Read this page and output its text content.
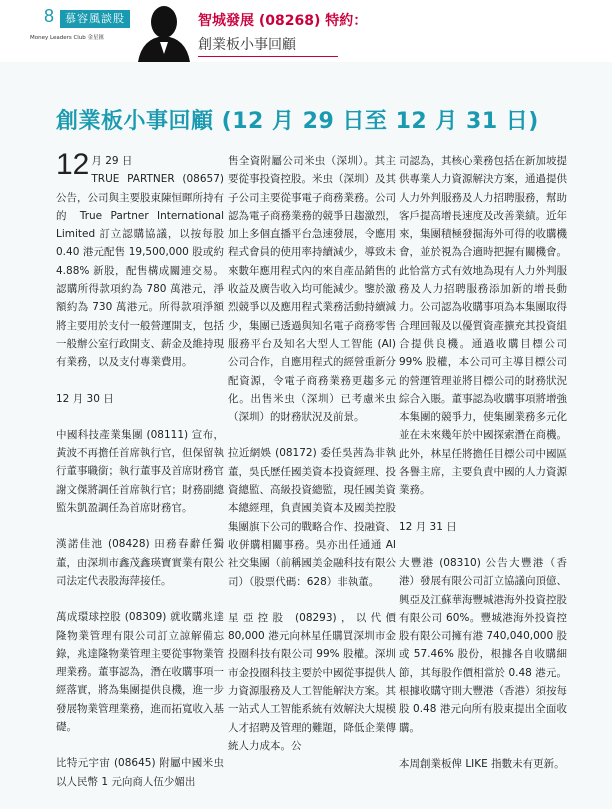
8 慕容風談股
Money Leaders Club 金星匯
智城發展 (08268) 特約：
創業板小事回顧
創業板小事回顧 (12 月 29 日至 12 月 31 日)

12 月 29 日
TRUE PARTNER (08657) 公告，公司與主要股東陳恒暉所持有的 True Partner International Limited 訂立認購協議，以按每股 0.40 港元配售 19,500,000 股或約 4.88% 新股，配售構成關連交易。認購所得款項約為 780 萬港元，淨額約為 730 萬港元。所得款項淨額將主要用於支付一般營運開支，包括一般辦公室行政開支、薪金及維持現有業務，以及支付專業費用。

12 月 30 日

中國科技產業集團 (08111) 宣布，黃波不再擔任首席執行官，但保留執行董事職銜；執行董事及首席財務官謝文傑將調任首席執行官；財務副總監朱凱盈調任為首席財務官。

漢諾佳池 (08428) 田務春辭任獨董，由深圳市鑫茂鑫瑛寶實業有限公司法定代表股海萍接任。

萬成環球控股 (08309) 就收購兆達隆物業管理有限公司訂立諒解備忘錄，兆達隆物業管理主要從事物業管理業務。董事認為，潛在收購事項一經落實，將為集團提供良機，進一步發展物業管理業務，進而拓寬收入基礎。

比特元宇宙 (08645) 附屬中國米虫以人民幣 1 元向商人伍少媚出

售全資附屬公司米虫（深圳）。其主要從事投資控股。米虫（深圳）及其子公司主要從事電子商務業務。公司認為電子商務業務的競爭日趨激烈，加上多個直播平台急速發展，令應用程式會員的使用率持續減少，導致未來數年應用程式內的來自產品銷售的收益及廣告收入均可能減少。鑒於激烈競爭以及應用程式業務活動持續減少，集團已透過與知名電子商務零售服務平台及知名大型人工智能 (AI) 公司合作，自應用程式的經營重新分配資源，令電子商務業務更趨多元化。出售米虫（深圳）已考慮米虫（深圳）的財務狀況及前景。

拉近網娛 (08172) 委任吳茜為非執董，吳氏歷任國美資本投資經理、投資總監、高級投資總監，現任國美資本總經理，負責國美資本及國美控股集團旗下公司的戰略合作、投融資、收併購相關事務。吳亦出任通通 AI 社交集團（前稱國美金融科技有限公司）（股票代碼：628）非執董。

星亞控股 (08293)，以代價 80,000 港元向林星任購買深圳市金投圈科技有限公司 99% 股權。深圳市金投圈科技主要於中國從事提供人力資源服務及人工智能解決方案。其一站式人工智能系統有效解決大規模人才招聘及管理的難題，降低企業傳統人力成本。公

司認為，其核心業務包括在新加坡提供專業人力資源解決方案，通過提供人力外判服務及人力招聘服務，幫助客戶提高增長速度及改善業績。近年來，集團積極發掘海外可得的收購機會，並於視為合適時把握有關機會。此恰當方式有效地為現有人力外判服務及人力招聘服務添加新的增長動力。公司認為收購事項為本集團取得合理回報及以優質資產擴充其投資組合提供良機。通過收購目標公司 99% 股權，本公司可主導目標公司的營運管理並將目標公司的財務狀況綜合入賬。董事認為收購事項將增強本集團的競爭力，使集團業務多元化並在未來幾年於中國探索潛在商機。此外，林星任將擔任目標公司中國區各譽主席，主要負責中國的人力資源業務。

12 月 31 日

大豐港 (08310) 公告大豐港（香港）發展有限公司訂立協議向頂億、興亞及江蘇華海豐城港海外投資控股有限公司 60%。豐城港海外投資控股有限公司擁有港 740,040,000 股或 57.46% 股份，根據各自收購細節，其每股作價相當於 0.48 港元。根據收購守則大豐港（香港）須按每股 0.48 港元向所有股東提出全面收購。

本周創業板俾 LIKE 指數未有更新。
